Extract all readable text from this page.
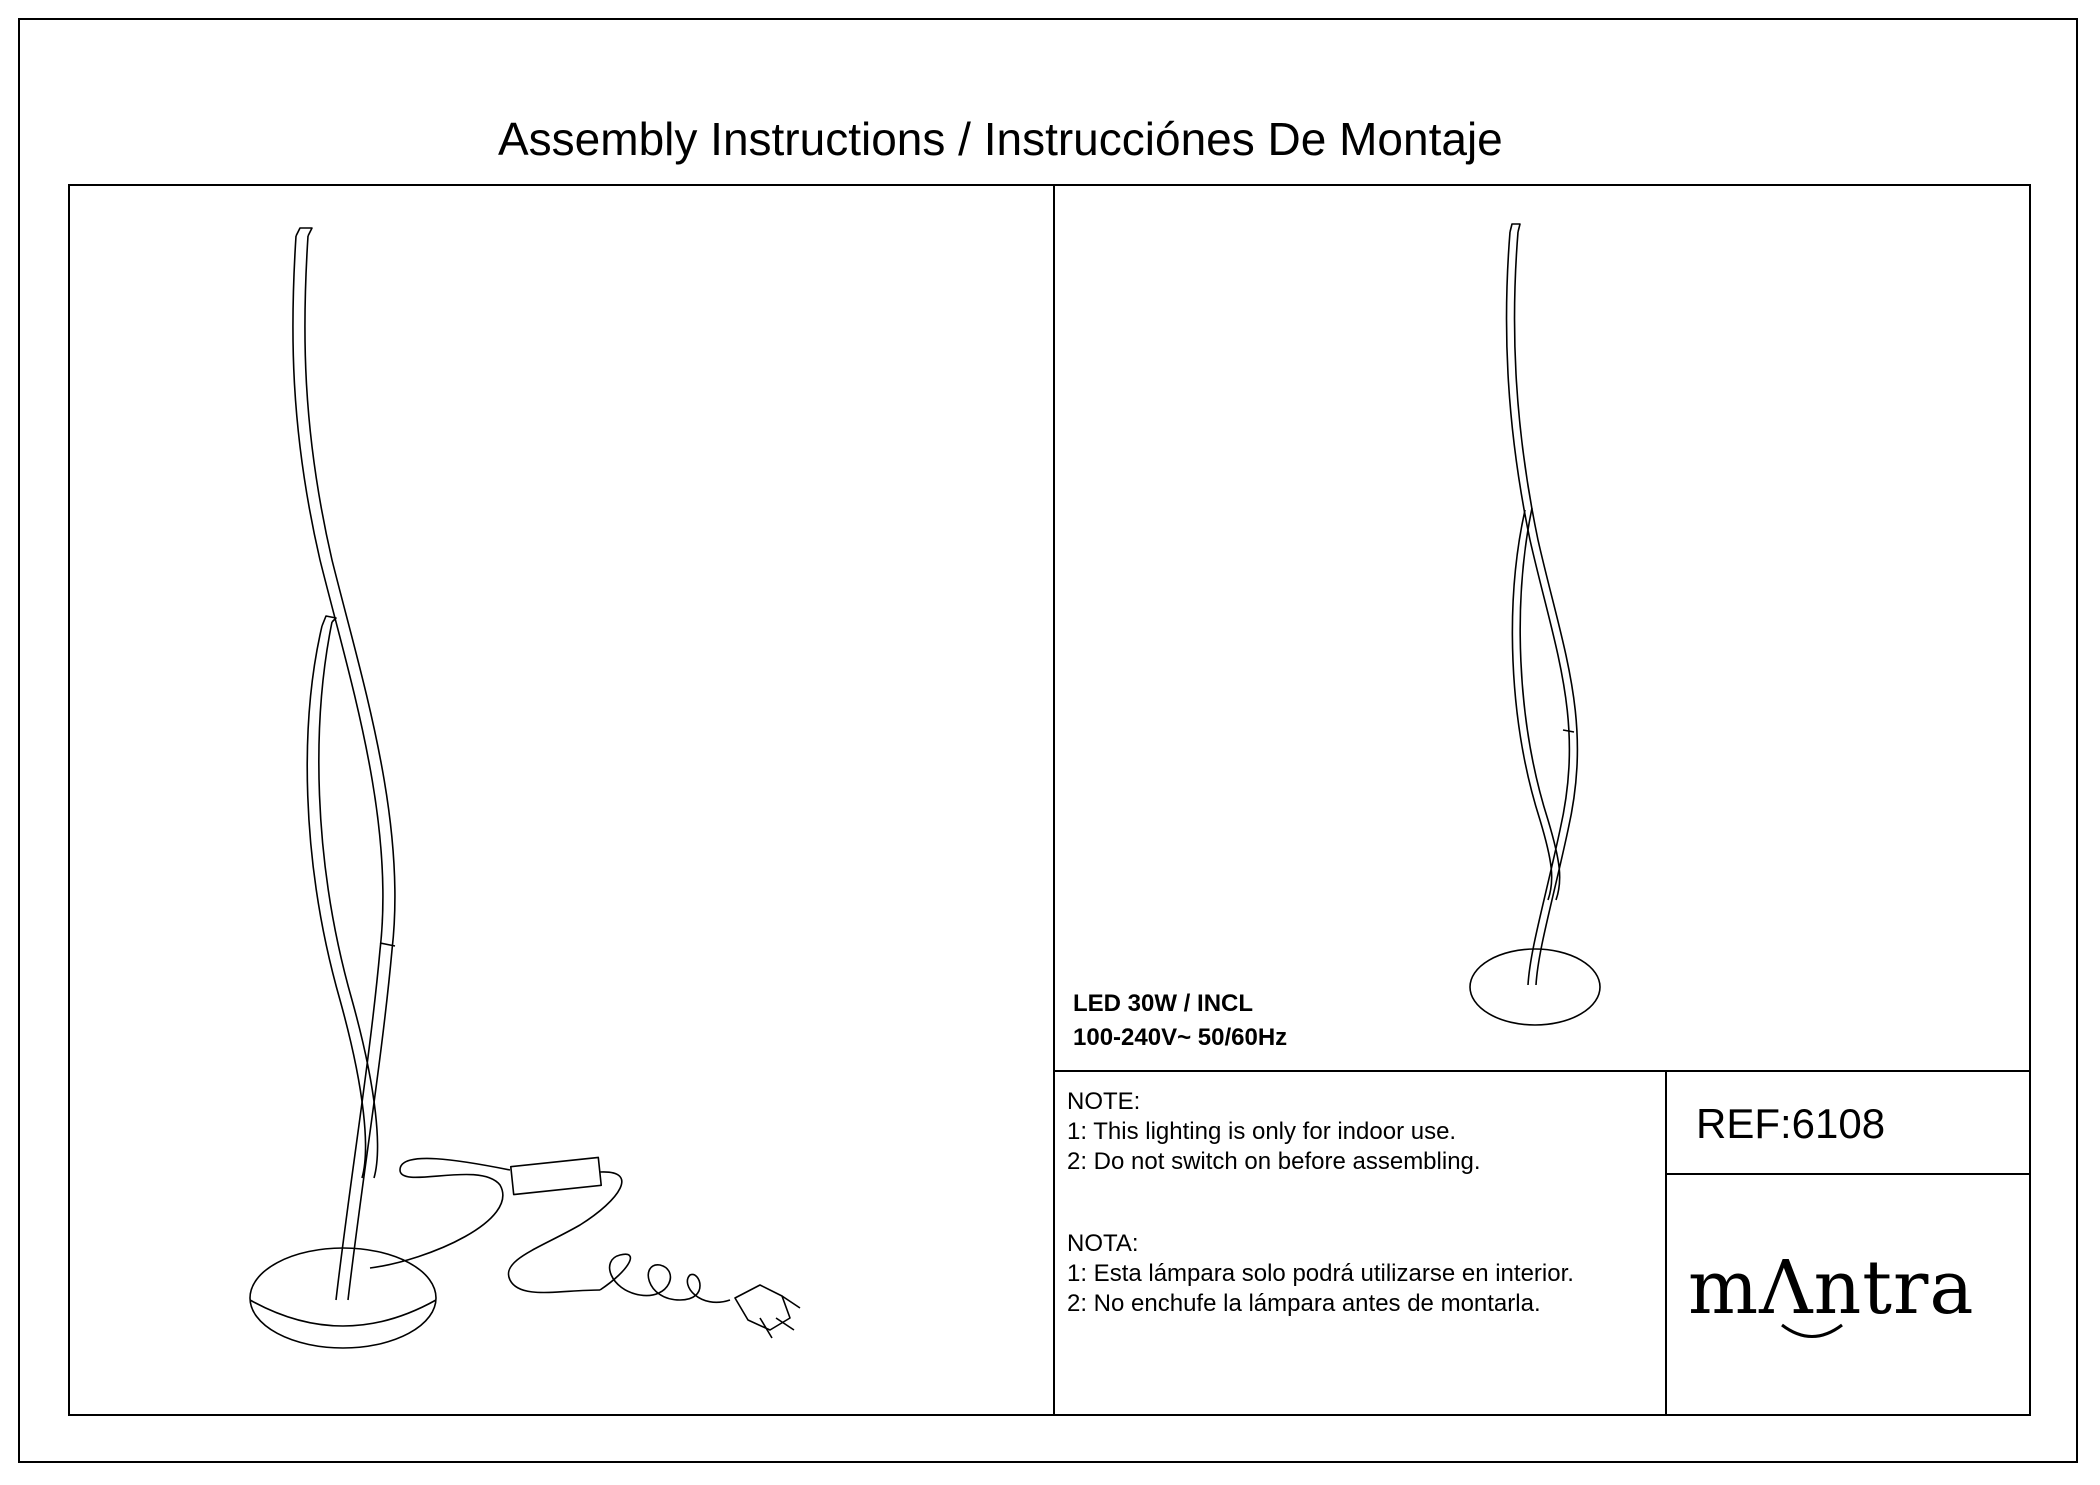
Assembly Instructions / Instrucciónes De Montaje
LED 30W / INCL
100-240V~ 50/60Hz
NOTE:
1: This lighting is only for indoor use.
2: Do not switch on before assembling.
NOTA:
1: Esta lámpara solo podrá utilizarse en interior.
2: No enchufe la lámpara antes de montarla.
REF:6108
mΛntra
